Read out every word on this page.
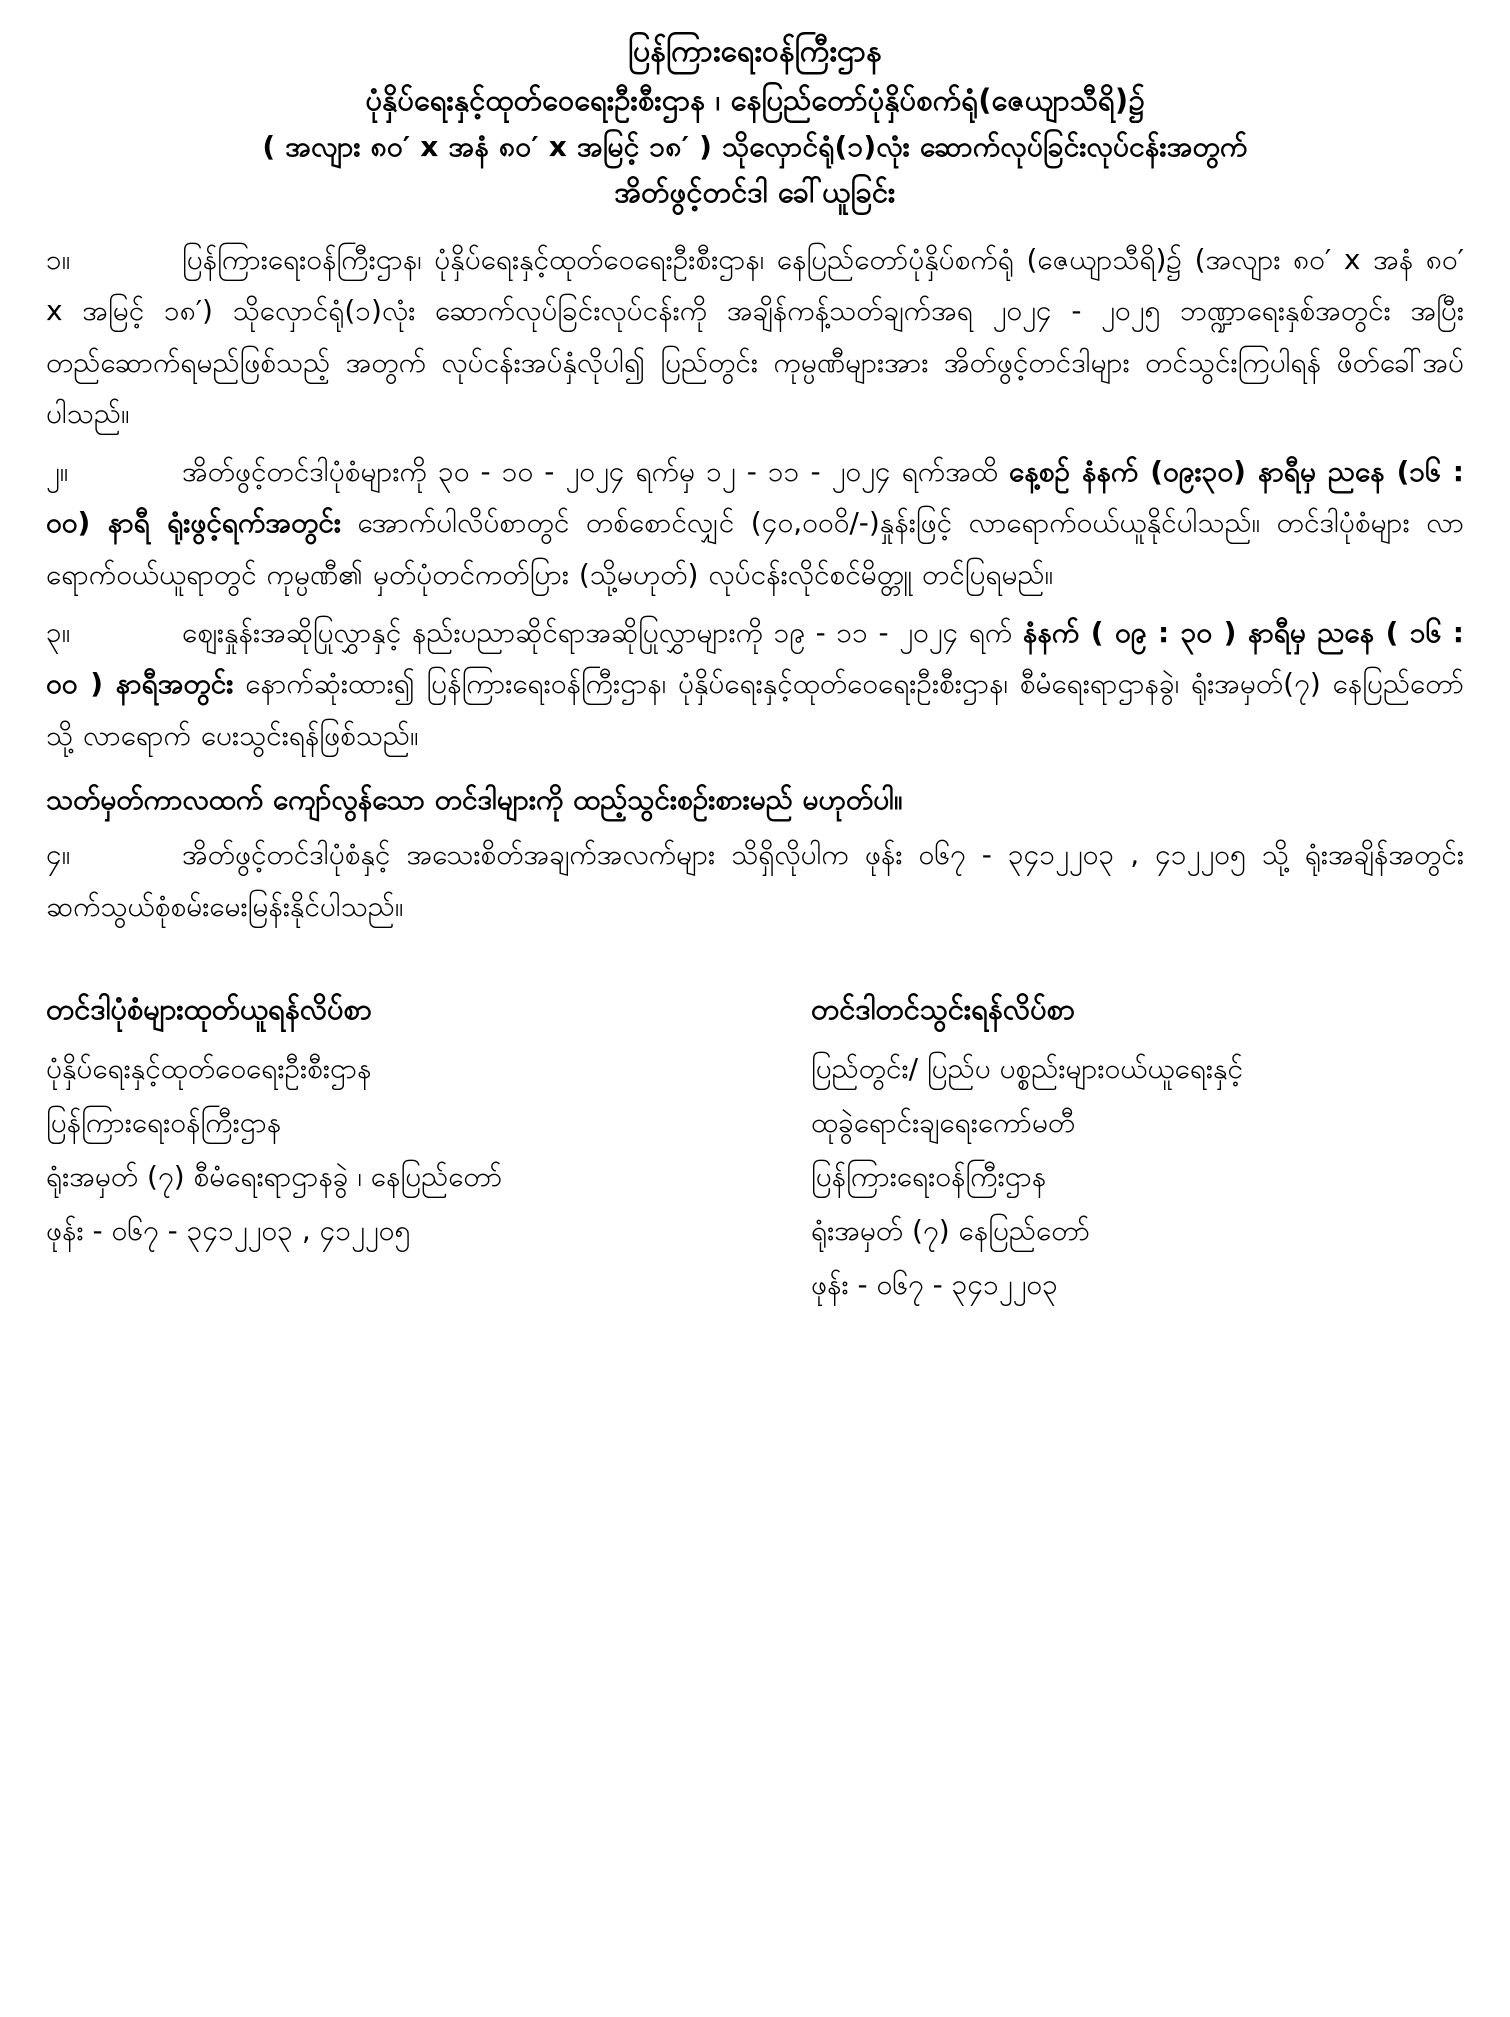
ပြန်ကြားရေးဝန်ကြီးဌာန
ပုံနှိပ်ရေးနှင့်ထုတ်ဝေရေးဦးစီးဌာန ၊ နေပြည်တော်ပုံနှိပ်စက်ရုံ(ဇေယျာသီရိ)၌
( အလျား ၈၀′ x အနံ ၈၀′ x အမြင့် ၁၈′ ) သိုလှောင်ရုံ(၁)လုံး ဆောက်လုပ်ခြင်းလုပ်ငန်းအတွက်
အိတ်ဖွင့်တင်ဒါ ခေါ်ယူခြင်း

၁။	ပြန်ကြားရေးဝန်ကြီးဌာန၊ ပုံနှိပ်ရေးနှင့်ထုတ်ဝေရေးဦးစီးဌာန၊ နေပြည်တော်ပုံနှိပ်စက်ရုံ (ဇေယျာသီရိ)၌ (အလျား ၈၀′ x အနံ ၈၀′ x အမြင့် ၁၈′) သိုလှောင်ရုံ(၁)လုံး ဆောက်လုပ်ခြင်းလုပ်ငန်းကို အချိန်ကန့်သတ်ချက်အရ ၂၀၂၄ - ၂၀၂၅ ဘဏ္ဍာရေးနှစ်အတွင်း အပြီးတည်ဆောက်ရမည်ဖြစ်သည့် အတွက် လုပ်ငန်းအပ်နှံလိုပါ၍ ပြည်တွင်း ကုမ္ပဏီများအား အိတ်ဖွင့်တင်ဒါများ တင်သွင်းကြပါရန် ဖိတ်ခေါ်အပ်ပါသည်။

၂။	အိတ်ဖွင့်တင်ဒါပုံစံများကို ၃၀ - ၁၀ - ၂၀၂၄ ရက်မှ ၁၂ - ၁၁ - ၂၀၂၄ ရက်အထိ နေ့စဉ် နံနက် (၀၉း၃၀) နာရီမှ ညနေ (၁၆ : ၀၀) နာရီ ရုံးဖွင့်ရက်အတွင်း အောက်ပါလိပ်စာတွင် တစ်စောင်လျှင် (၄၀,၀၀ဝိ/-)နှုန်းဖြင့် လာရောက်ဝယ်ယူနိုင်ပါသည်။ တင်ဒါပုံစံများ လာရောက်ဝယ်ယူရာတွင် ကုမ္ပဏီ၏ မှတ်ပုံတင်ကတ်ပြား (သို့မဟုတ်) လုပ်ငန်းလိုင်စင်မိတ္တူ တင်ပြရမည်။

၃။	ဈေးနှုန်းအဆိုပြုလွှာနှင့် နည်းပညာဆိုင်ရာအဆိုပြုလွှာများကို ၁၉ - ၁၁ - ၂၀၂၄ ရက် နံနက် ( ၀၉ : ၃၀ ) နာရီမှ ညနေ ( ၁၆ : ၀၀ ) နာရီအတွင်း နောက်ဆုံးထား၍ ပြန်ကြားရေးဝန်ကြီးဌာန၊ ပုံနှိပ်ရေးနှင့်ထုတ်ဝေရေးဦးစီးဌာန၊ စီမံရေးရာဌာနခွဲ၊ ရုံးအမှတ်(၇) နေပြည်တော်သို့ လာရောက် ပေးသွင်းရန်ဖြစ်သည်။

သတ်မှတ်ကာလထက် ကျော်လွန်သော တင်ဒါများကို ထည့်သွင်းစဉ်းစားမည် မဟုတ်ပါ။

၄။	အိတ်ဖွင့်တင်ဒါပုံစံနှင့် အသေးစိတ်အချက်အလက်များ သိရှိလိုပါက ဖုန်း ၀၆၇ - ၃၄၁၂၂၀၃ , ၄၁၂၂၀၅ သို့ ရုံးအချိန်အတွင်း ဆက်သွယ်စုံစမ်းမေးမြန်းနိုင်ပါသည်။

တင်ဒါပုံစံများထုတ်ယူရန်လိပ်စာ
ပုံနှိပ်ရေးနှင့်ထုတ်ဝေရေးဦးစီးဌာန
ပြန်ကြားရေးဝန်ကြီးဌာန
ရုံးအမှတ် (၇) စီမံရေးရာဌာနခွဲ ၊ နေပြည်တော်
ဖုန်း - ၀၆၇ - ၃၄၁၂၂၀၃ , ၄၁၂၂၀၅
တင်ဒါတင်သွင်းရန်လိပ်စာ
ပြည်တွင်း/ ပြည်ပ ပစ္စည်းများဝယ်ယူရေးနှင့်
ထုခွဲရောင်းချရေးကော်မတီ
ပြန်ကြားရေးဝန်ကြီးဌာန
ရုံးအမှတ် (၇) နေပြည်တော်
ဖုန်း - ၀၆၇ - ၃၄၁၂၂၀၃
